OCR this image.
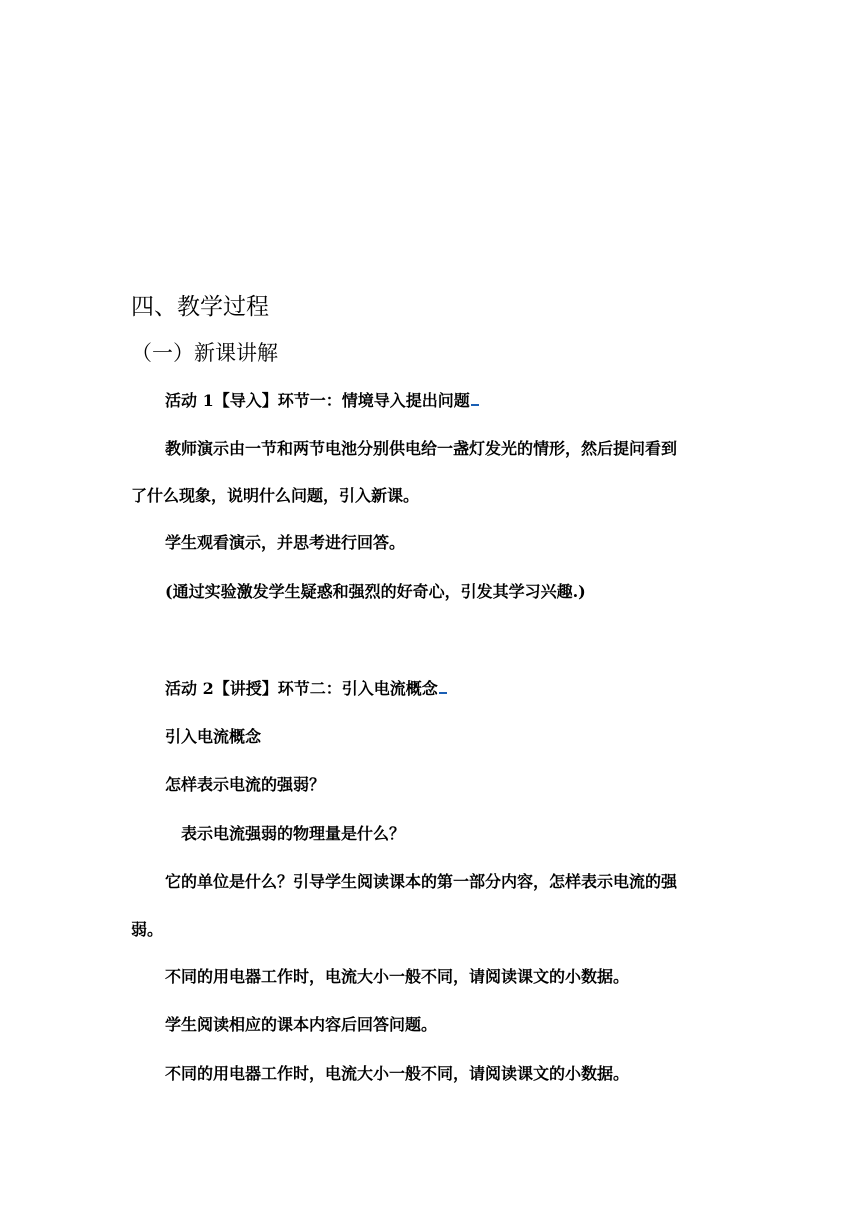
四、教学过程
（一）新课讲解
活动 1【导入】环节一：情境导入提出问题
教师演示由一节和两节电池分别供电给一盏灯发光的情形，然后提问看到
了什么现象，说明什么问题，引入新课。
学生观看演示，并思考进行回答。
(通过实验激发学生疑惑和强烈的好奇心，引发其学习兴趣.)
活动 2【讲授】环节二：引入电流概念
引入电流概念
怎样表示电流的强弱？
表示电流强弱的物理量是什么？
它的单位是什么？引导学生阅读课本的第一部分内容，怎样表示电流的强
弱。
不同的用电器工作时，电流大小一般不同，请阅读课文的小数据。
学生阅读相应的课本内容后回答问题。
不同的用电器工作时，电流大小一般不同，请阅读课文的小数据。
